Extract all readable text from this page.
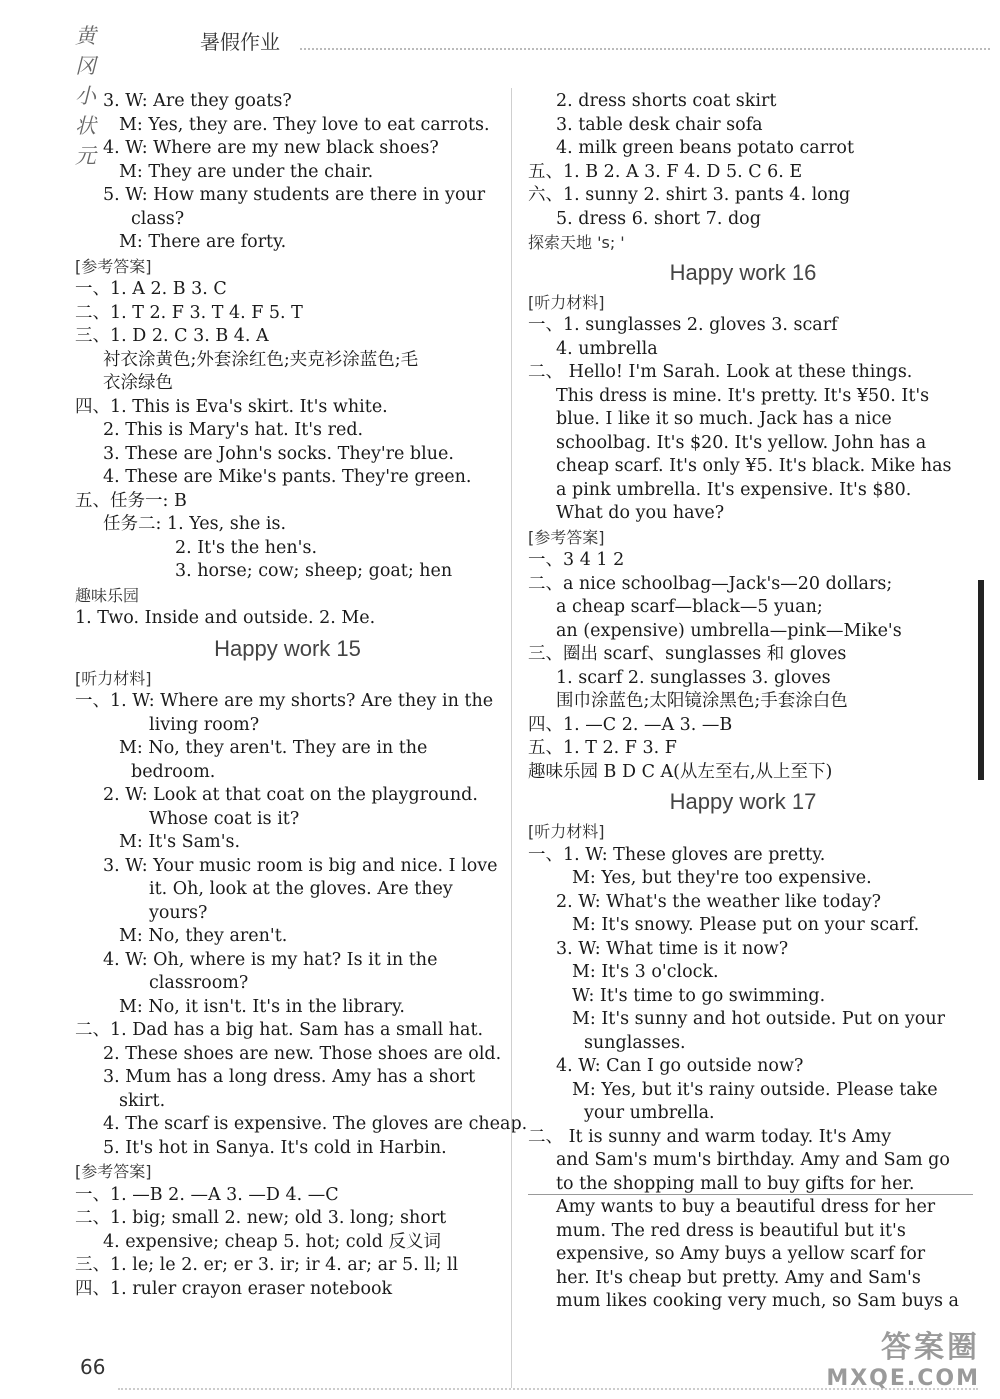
黄冈小状元
暑假作业
3. W: Are they goats?
M: Yes, they are. They love to eat carrots.
4. W: Where are my new black shoes?
M: They are under the chair.
5. W: How many students are there in your
class?
M: There are forty.
[参考答案]
一、1. A 2. B 3. C
二、1. T 2. F 3. T 4. F 5. T
三、1. D 2. C 3. B 4. A
衬衣涂黄色;外套涂红色;夹克衫涂蓝色;毛
衣涂绿色
四、1. This is Eva's skirt. It's white.
2. This is Mary's hat. It's red.
3. These are John's socks. They're blue.
4. These are Mike's pants. They're green.
五、任务一: B
任务二: 1. Yes, she is.
2. It's the hen's.
3. horse; cow; sheep; goat; hen
趣味乐园
1. Two. Inside and outside. 2. Me.
Happy work 15
[听力材料]
一、1. W: Where are my shorts? Are they in the
living room?
M: No, they aren't. They are in the
bedroom.
2. W: Look at that coat on the playground.
Whose coat is it?
M: It's Sam's.
3. W: Your music room is big and nice. I love
it. Oh, look at the gloves. Are they
yours?
M: No, they aren't.
4. W: Oh, where is my hat? Is it in the
classroom?
M: No, it isn't. It's in the library.
二、1. Dad has a big hat. Sam has a small hat.
2. These shoes are new. Those shoes are old.
3. Mum has a long dress. Amy has a short
skirt.
4. The scarf is expensive. The gloves are cheap.
5. It's hot in Sanya. It's cold in Harbin.
[参考答案]
一、1. —B 2. —A 3. —D 4. —C
二、1. big; small 2. new; old 3. long; short
4. expensive; cheap 5. hot; cold 反义词
三、1. le; le 2. er; er 3. ir; ir 4. ar; ar 5. ll; ll
四、1. ruler crayon eraser notebook
2. dress shorts coat skirt
3. table desk chair sofa
4. milk green beans potato carrot
五、1. B 2. A 3. F 4. D 5. C 6. E
六、1. sunny 2. shirt 3. pants 4. long
5. dress 6. short 7. dog
探索天地 's; '
Happy work 16
[听力材料]
一、1. sunglasses 2. gloves 3. scarf
4. umbrella
二、 Hello! I'm Sarah. Look at these things.
This dress is mine. It's pretty. It's ¥50. It's
blue. I like it so much. Jack has a nice
schoolbag. It's $20. It's yellow. John has a
cheap scarf. It's only ¥5. It's black. Mike has
a pink umbrella. It's expensive. It's $80.
What do you have?
[参考答案]
一、3 4 1 2
二、a nice schoolbag—Jack's—20 dollars;
a cheap scarf—black—5 yuan;
an (expensive) umbrella—pink—Mike's
三、圈出 scarf、sunglasses 和 gloves
1. scarf 2. sunglasses 3. gloves
围巾涂蓝色;太阳镜涂黑色;手套涂白色
四、1. —C 2. —A 3. —B
五、1. T 2. F 3. F
趣味乐园 B D C A(从左至右,从上至下)
Happy work 17
[听力材料]
一、1. W: These gloves are pretty.
M: Yes, but they're too expensive.
2. W: What's the weather like today?
M: It's snowy. Please put on your scarf.
3. W: What time is it now?
M: It's 3 o'clock.
W: It's time to go swimming.
M: It's sunny and hot outside. Put on your
sunglasses.
4. W: Can I go outside now?
M: Yes, but it's rainy outside. Please take
your umbrella.
二、 It is sunny and warm today. It's Amy
and Sam's mum's birthday. Amy and Sam go
to the shopping mall to buy gifts for her.
Amy wants to buy a beautiful dress for her
mum. The red dress is beautiful but it's
expensive, so Amy buys a yellow scarf for
her. It's cheap but pretty. Amy and Sam's
mum likes cooking very much, so Sam buys a
66
答案圈
MXQE.COM
